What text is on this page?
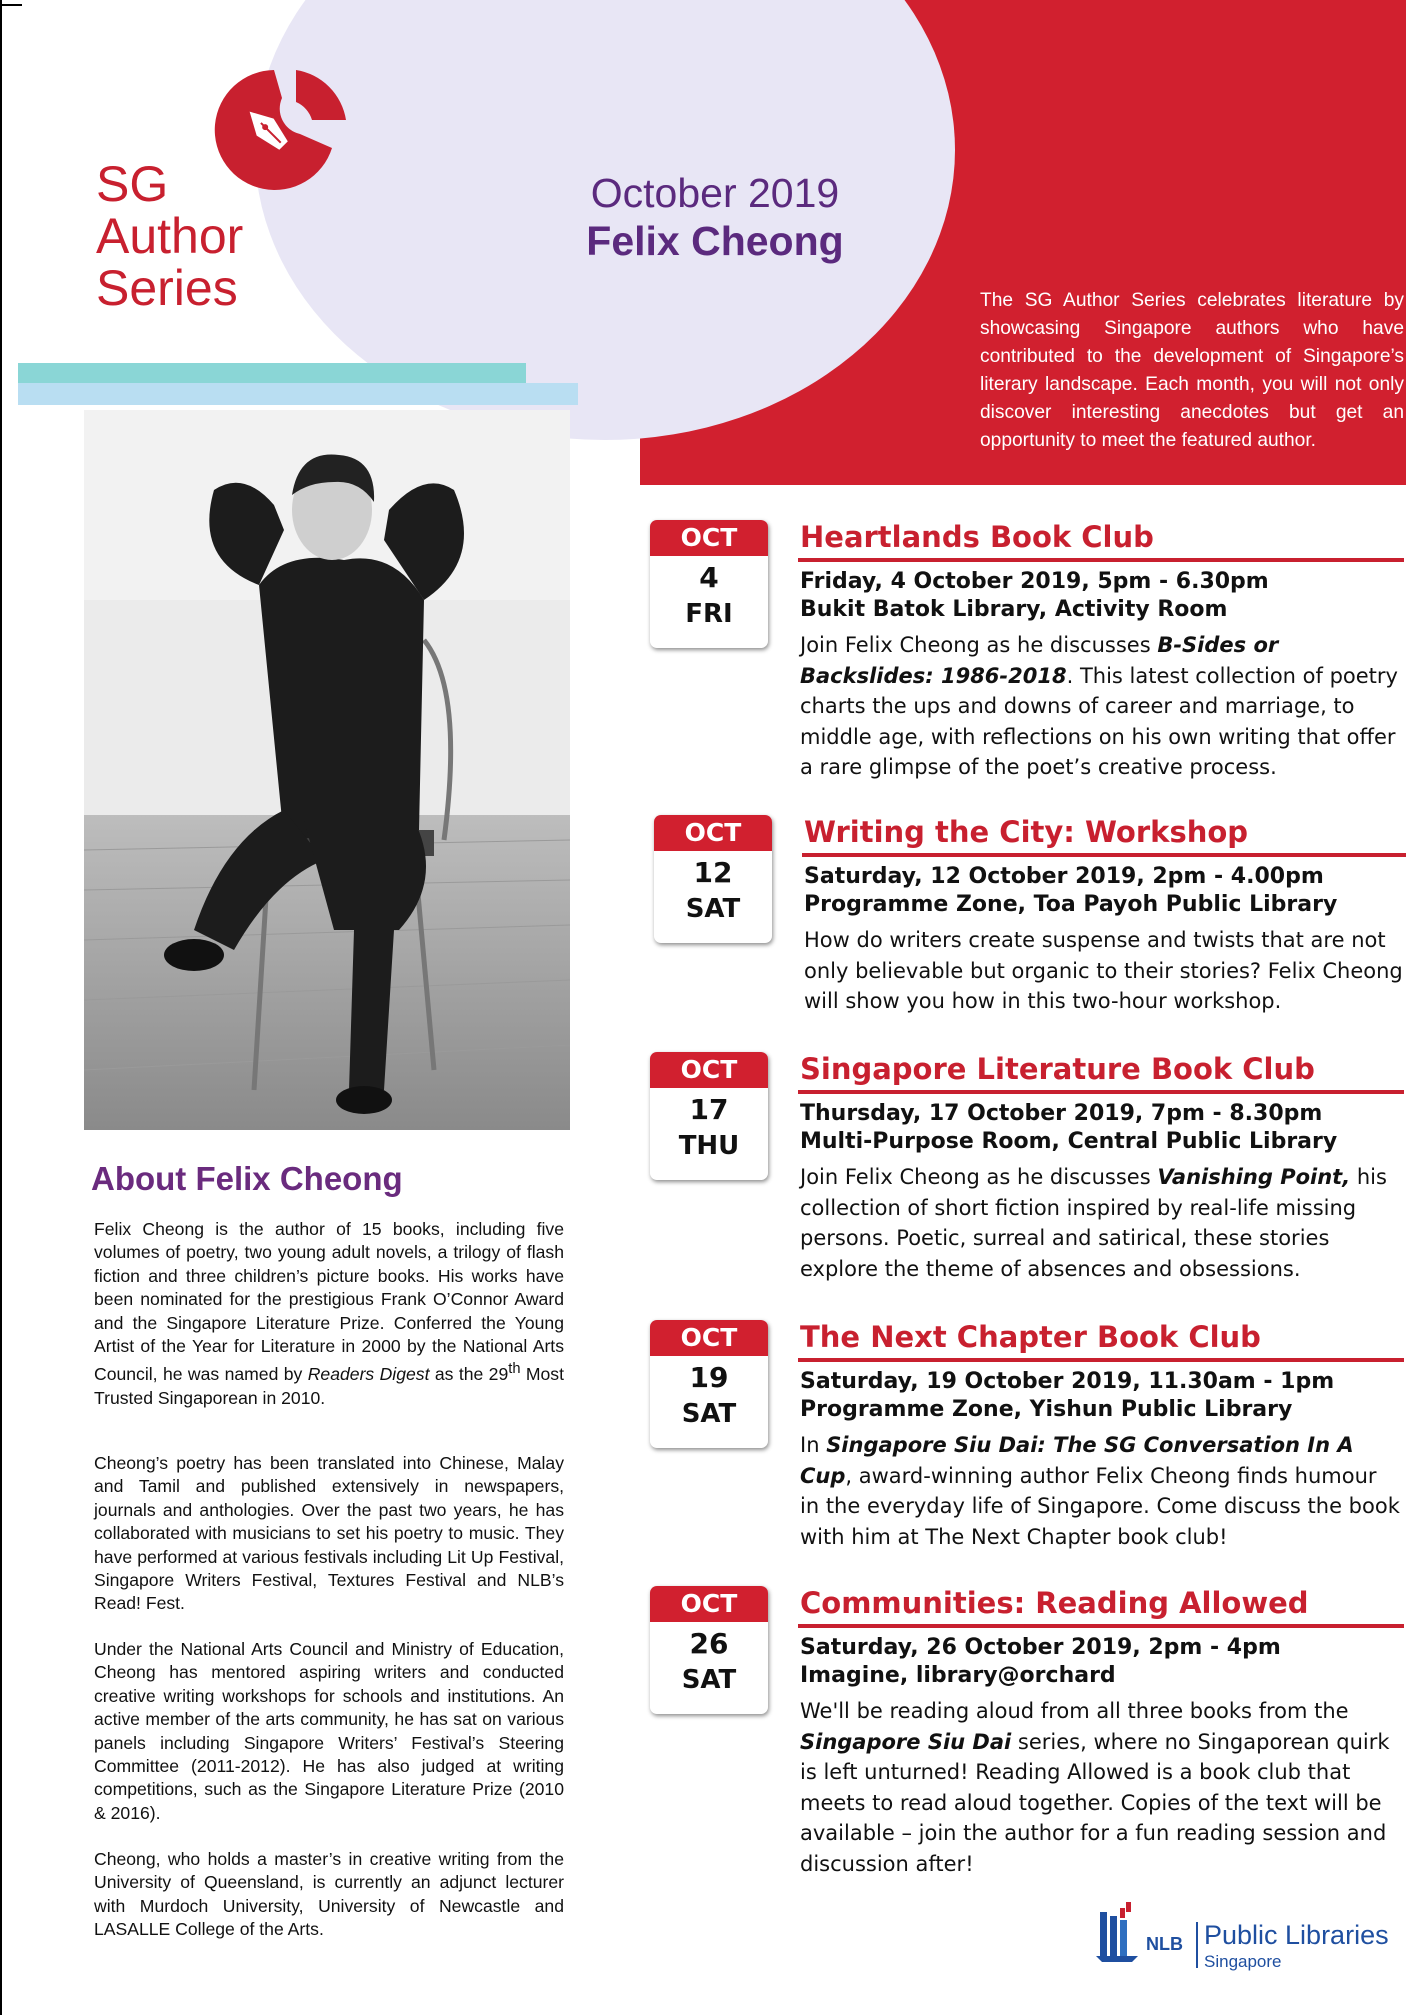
SG
Author
Series
October 2019
Felix Cheong
The SG Author Series celebrates literature by showcasing Singapore authors who have contributed to the development of Singapore’s literary landscape. Each month, you will not only discover interesting anecdotes but get an opportunity to meet the featured author.
About Felix Cheong

Felix Cheong is the author of 15 books, including five volumes of poetry, two young adult novels, a trilogy of flash fiction and three children’s picture books. His works have been nominated for the prestigious Frank O’Connor Award and the Singapore Literature Prize. Conferred the Young Artist of the Year for Literature in 2000 by the National Arts Council, he was named by Readers Digest as the 29th Most Trusted Singaporean in 2010.

Cheong’s poetry has been translated into Chinese, Malay and Tamil and published extensively in newspapers, journals and anthologies. Over the past two years, he has collaborated with musicians to set his poetry to music. They have performed at various festivals including Lit Up Festival, Singapore Writers Festival, Textures Festival and NLB’s Read! Fest.

Under the National Arts Council and Ministry of Education, Cheong has mentored aspiring writers and conducted creative writing workshops for schools and institutions. An active member of the arts community, he has sat on various panels including Singapore Writers’ Festival’s Steering Committee (2011-2012). He has also judged at writing competitions, such as the Singapore Literature Prize (2010 & 2016).

Cheong, who holds a master’s in creative writing from the University of Queensland, is currently an adjunct lecturer with Murdoch University, University of Newcastle and LASALLE College of the Arts.

OCT
4
FRI
Heartlands Book Club
Friday, 4 October 2019, 5pm - 6.30pm
Bukit Batok Library, Activity Room

Join Felix Cheong as he discusses B-Sides or Backslides: 1986-2018. This latest collection of poetry charts the ups and downs of career and marriage, to middle age, with reflections on his own writing that offer a rare glimpse of the poet’s creative process.

OCT
12
SAT
Writing the City: Workshop
Saturday, 12 October 2019, 2pm - 4.00pm
Programme Zone, Toa Payoh Public Library

How do writers create suspense and twists that are not only believable but organic to their stories? Felix Cheong will show you how in this two-hour workshop.

OCT
17
THU
Singapore Literature Book Club
Thursday, 17 October 2019, 7pm - 8.30pm
Multi-Purpose Room, Central Public Library

Join Felix Cheong as he discusses Vanishing Point, his collection of short fiction inspired by real-life missing persons. Poetic, surreal and satirical, these stories explore the theme of absences and obsessions.

OCT
19
SAT
The Next Chapter Book Club
Saturday, 19 October 2019, 11.30am - 1pm
Programme Zone, Yishun Public Library

In Singapore Siu Dai: The SG Conversation In A Cup, award-winning author Felix Cheong finds humour in the everyday life of Singapore. Come discuss the book with him at The Next Chapter book club!

OCT
26
SAT
Communities: Reading Allowed
Saturday, 26 October 2019, 2pm - 4pm
Imagine, library@orchard

We'll be reading aloud from all three books from the Singapore Siu Dai series, where no Singaporean quirk is left unturned! Reading Allowed is a book club that meets to read aloud together. Copies of the text will be available – join the author for a fun reading session and discussion after!

NLB Public Libraries
Singapore
